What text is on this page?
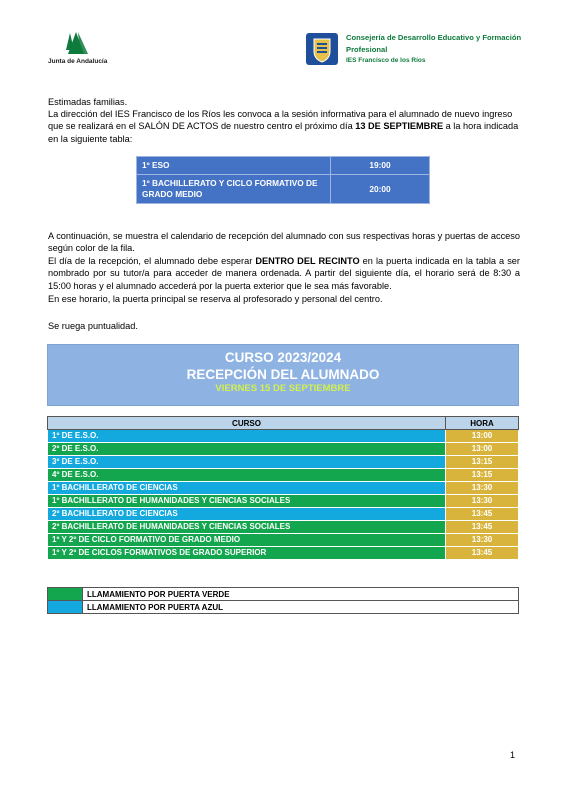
Junta de Andalucía
Consejería de Desarrollo Educativo y Formación Profesional
IES Francisco de los Ríos
Estimadas familias.
La dirección del IES Francisco de los Ríos les convoca a la sesión informativa para el alumnado de nuevo ingreso que se realizará en el SALÓN DE ACTOS de nuestro centro el próximo día 13 DE SEPTIEMBRE a la hora indicada en la siguiente tabla:
1º ESO	19:00
1º BACHILLERATO Y CICLO FORMATIVO DE GRADO MEDIO	20:00
A continuación, se muestra el calendario de recepción del alumnado con sus respectivas horas y puertas de acceso según color de la fila.
El día de la recepción, el alumnado debe esperar DENTRO DEL RECINTO en la puerta indicada en la tabla a ser nombrado por su tutor/a para acceder de manera ordenada. A partir del siguiente día, el horario será de 8:30 a 15:00 horas y el alumnado accederá por la puerta exterior que le sea más favorable.
En ese horario, la puerta principal se reserva al profesorado y personal del centro.
Se ruega puntualidad.
CURSO 2023/2024
RECEPCIÓN DEL ALUMNADO
VIERNES 15 DE SEPTIEMBRE
CURSO	HORA
1º DE E.S.O.	13:00
2º DE E.S.O.	13:00
3º DE E.S.O.	13:15
4º DE E.S.O.	13:15
1º BACHILLERATO DE CIENCIAS	13:30
1º BACHILLERATO DE HUMANIDADES Y CIENCIAS SOCIALES	13:30
2º BACHILLERATO DE CIENCIAS	13:45
2º BACHILLERATO DE HUMANIDADES Y CIENCIAS SOCIALES	13:45
1º Y 2º DE CICLO FORMATIVO DE GRADO MEDIO	13:30
1º Y 2º DE CICLOS FORMATIVOS DE GRADO SUPERIOR	13:45
	LLAMAMIENTO POR PUERTA VERDE
	LLAMAMIENTO POR PUERTA AZUL
1
